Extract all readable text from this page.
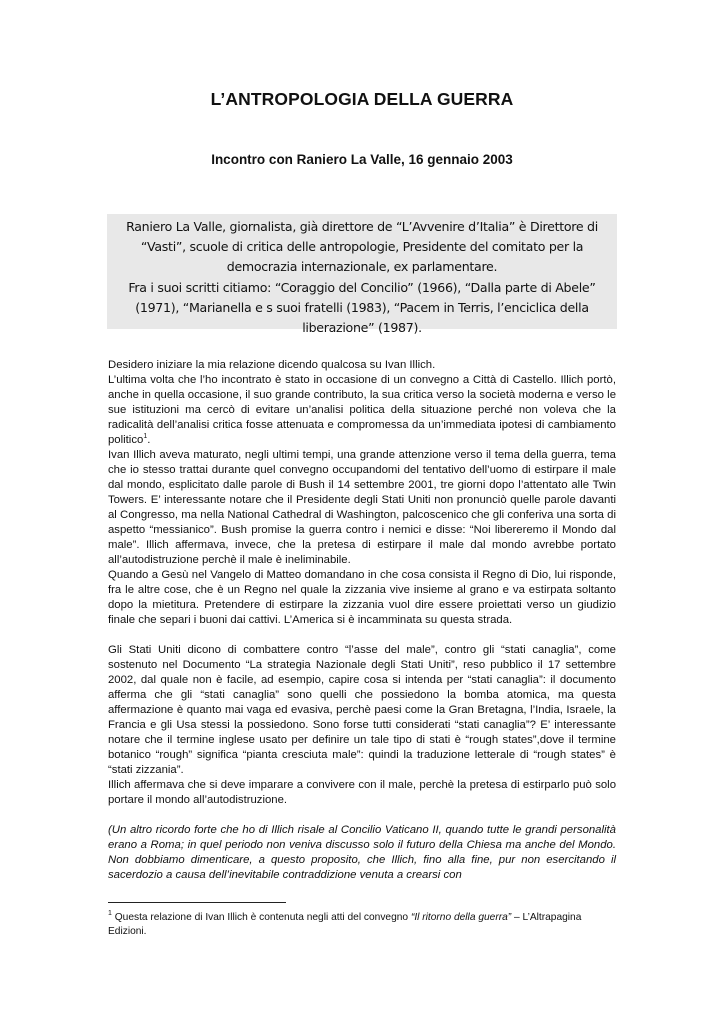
L’ANTROPOLOGIA DELLA GUERRA
Incontro con Raniero La Valle, 16 gennaio 2003

Raniero La Valle, giornalista, già direttore de “L’Avvenire d’Italia” è Direttore di “Vasti”, scuole di critica delle antropologie, Presidente del comitato per la democrazia internazionale, ex parlamentare.

Fra i suoi scritti citiamo: “Coraggio del Concilio” (1966), “Dalla parte di Abele” (1971), “Marianella e s suoi fratelli (1983), “Pacem in Terris, l’enciclica della liberazione” (1987).

Desidero iniziare la mia relazione dicendo qualcosa su Ivan Illich.

L’ultima volta che l’ho incontrato è stato in occasione di un convegno a Città di Castello. Illich portò, anche in quella occasione, il suo grande contributo, la sua critica verso la società moderna e verso le sue istituzioni ma cercò di evitare un’analisi politica della situazione perché non voleva che la radicalità dell’analisi critica fosse attenuata e compromessa da un’immediata ipotesi di cambiamento politico$^1$.

Ivan Illich aveva maturato, negli ultimi tempi, una grande attenzione verso il tema della guerra, tema che io stesso trattai durante quel convegno occupandomi del tentativo dell’uomo di estirpare il male dal mondo, esplicitato dalle parole di Bush il 14 settembre 2001, tre giorni dopo l’attentato alle Twin Towers. E’ interessante notare che il Presidente degli Stati Uniti non pronunciò quelle parole davanti al Congresso, ma nella National Cathedral di Washington, palcoscenico che gli conferiva una sorta di aspetto “messianico”. Bush promise la guerra contro i nemici e disse: “Noi libereremo il Mondo dal male”. Illich affermava, invece, che la pretesa di estirpare il male dal mondo avrebbe portato all’autodistruzione perchè il male è ineliminabile.

Quando a Gesù nel Vangelo di Matteo domandano in che cosa consista il Regno di Dio, lui risponde, fra le altre cose, che è un Regno nel quale la zizzania vive insieme al grano e va estirpata soltanto dopo la mietitura. Pretendere di estirpare la zizzania vuol dire essere proiettati verso un giudizio finale che separi i buoni dai cattivi. L’America si è incamminata su questa strada.

Gli Stati Uniti dicono di combattere contro “l’asse del male”, contro gli “stati canaglia”, come sostenuto nel Documento “La strategia Nazionale degli Stati Uniti”, reso pubblico il 17 settembre 2002, dal quale non è facile, ad esempio, capire cosa si intenda per “stati canaglia”: il documento afferma che gli “stati canaglia” sono quelli che possiedono la bomba atomica, ma questa affermazione è quanto mai vaga ed evasiva, perchè paesi come la Gran Bretagna, l’India, Israele, la Francia e gli Usa stessi la possiedono. Sono forse tutti considerati “stati canaglia”? E’ interessante notare che il termine inglese usato per definire un tale tipo di stati è “rough states”,dove il termine botanico “rough” significa “pianta cresciuta male”: quindi la traduzione letterale di “rough states” è “stati zizzania”.

Illich affermava che si deve imparare a convivere con il male, perchè la pretesa di estirparlo può solo portare il mondo all’autodistruzione.

(Un altro ricordo forte che ho di Illich risale al Concilio Vaticano II, quando tutte le grandi personalità erano a Roma; in quel periodo non veniva discusso solo il futuro della Chiesa ma anche del Mondo. Non dobbiamo dimenticare, a questo proposito, che Illich, fino alla fine, pur non esercitando il sacerdozio a causa dell’inevitabile contraddizione venuta a crearsi con

$^1$ Questa relazione di Ivan Illich è contenuta negli atti del convegno “Il ritorno della guerra” – L’Altrapagina Edizioni.
